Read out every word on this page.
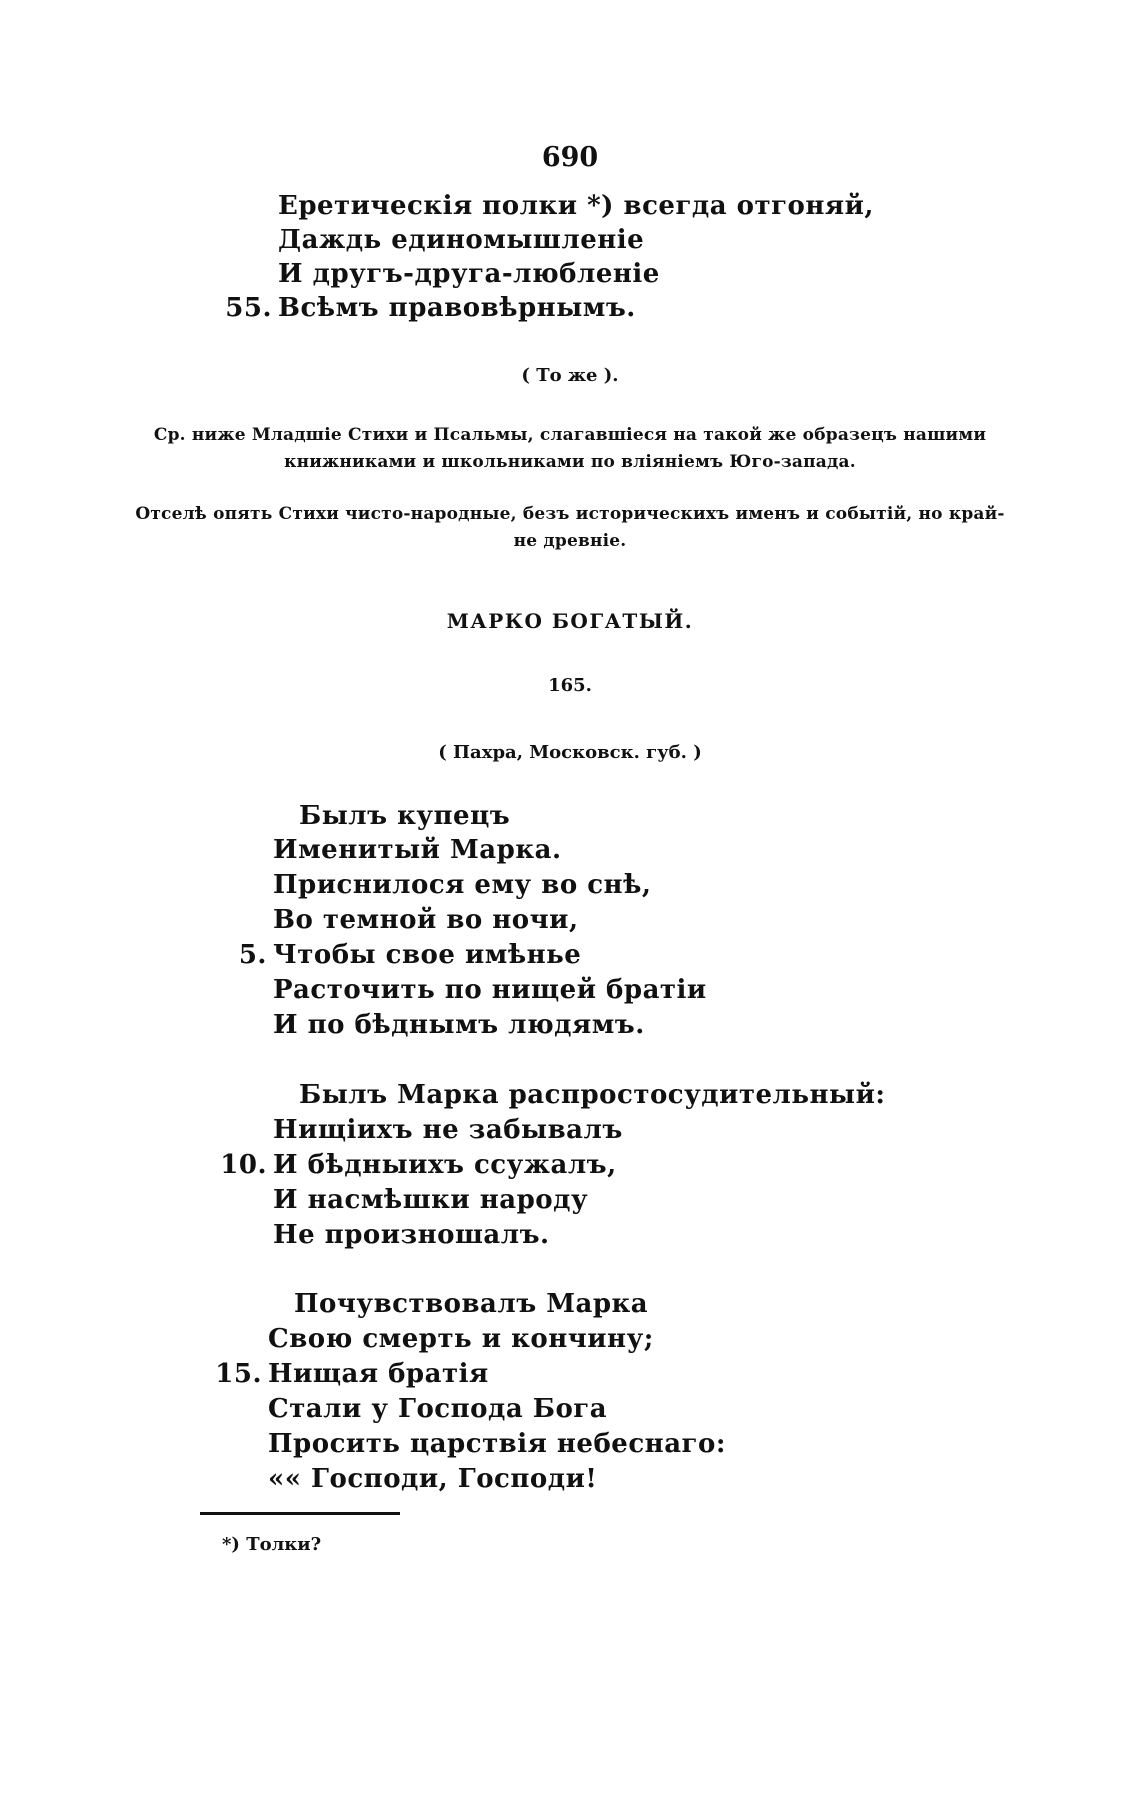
690
Еретическія полки *) всегда отгоняй,
Даждь единомышленіе
И другъ-друга-любленіе
55. Всѣмъ правовѣрнымъ.
( То же ).
Ср. ниже Младшіе Стихи и Псальмы, слагавшіеся на такой же образецъ нашими
книжниками и школьниками по вліяніемъ Юго-запада.
Отселѣ опять Стихи чисто-народные, безъ историческихъ именъ и событій, но край-
не древніе.
МАРКО БОГАТЫЙ.
165.
( Пахра, Московск. губ. )
Былъ купецъ
Именитый Марка.
Приснилося ему во снѣ,
Во темной во ночи,
5. Чтобы свое имѣнье
Расточить по нищей братіи
И по бѣднымъ людямъ.
Былъ Марка распростосудительный:
Нищіихъ не забывалъ
10. И бѣдныихъ ссужалъ,
И насмѣшки народу
Не произношалъ.
Почувствовалъ Марка
Свою смерть и кончину;
15. Нищая братія
Стали у Господа Бога
Просить царствія небеснаго:
«« Господи, Господи!
*) Толки?
